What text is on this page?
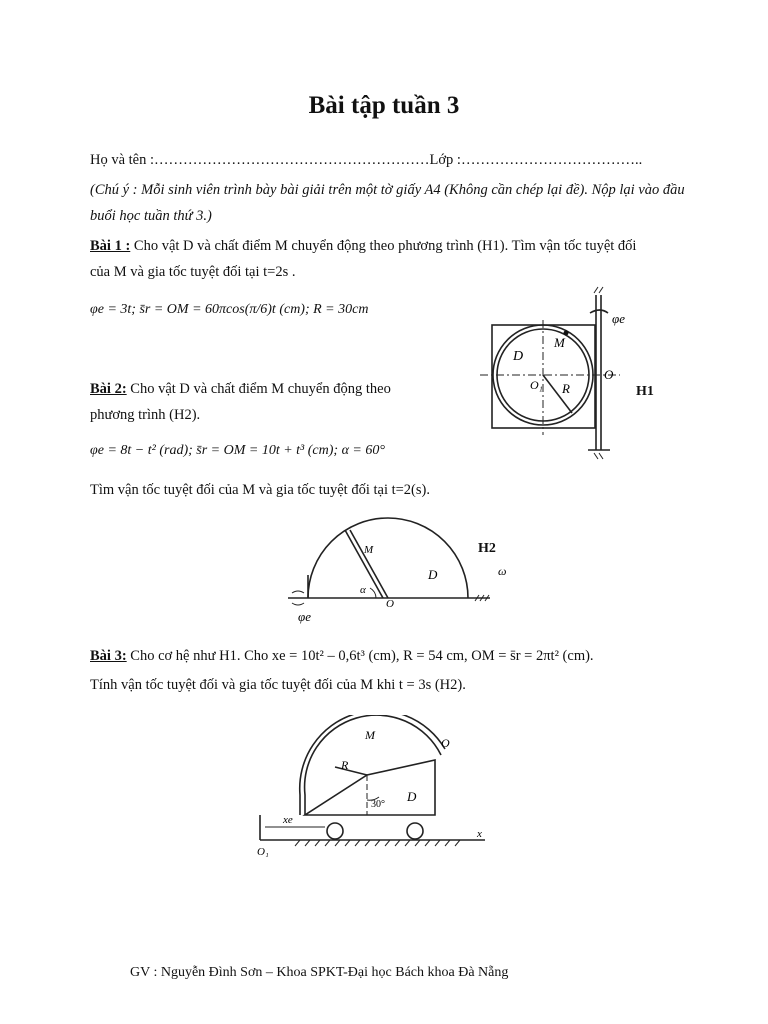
Bài tập tuần 3
Họ và tên :…………………………………………………Lớp :………………………………..
(Chú ý : Mỗi sinh viên trình bày bài giải trên một tờ giấy A4 (Không cần chép lại đề). Nộp lại vào đầu buổi học tuần thứ 3.)
Bài 1 : Cho vật D và chất điểm M chuyển động theo phương trình (H1). Tìm vận tốc tuyệt đối
của M và gia tốc tuyệt đối tại t=2s .
φe = 3t; s̄r = OM = 60πcos(π/6)t (cm); R = 30cm
φe
D
M
O
O₁ R	H1
Bài 2: Cho vật D và chất điểm M chuyển động theo
phương trình (H2).
φe = 8t − t² (rad); s̄r = OM = 10t + t³ (cm); α = 60°
Tìm vận tốc tuyệt đối của M và gia tốc tuyệt đối tại t=2(s).
M
D
O
α
ω
φe
H2
Bài 3: Cho cơ hệ như H1. Cho xe = 10t² – 0,6t³ (cm), R = 54 cm, OM = s̄r = 2πt² (cm).
Tính vận tốc tuyệt đối và gia tốc tuyệt đối của M khi t = 3s (H2).
M
O
R
D
30°
xe
O₁
x
GV : Nguyễn Đình Sơn – Khoa SPKT-Đại học Bách khoa Đà Nẵng
